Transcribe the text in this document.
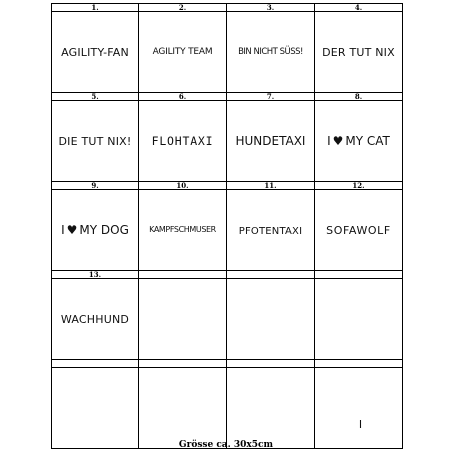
1.	2.	3.	4.
AGILITY-FAN	AGILITY TEAM	BIN NICHT SÜSS!	DER TUT NIX
5.	6.	7.	8.
DIE TUT NIX!	FLOHTAXI	HUNDETAXI	I ♥ MY CAT
9.	10.	11.	12.
I ♥ MY DOG	KAMPFSCHMUSER	PFOTENTAXI	SOFAWOLF
13.			
WACHHUND			

			I
Grösse ca. 30x5cm
